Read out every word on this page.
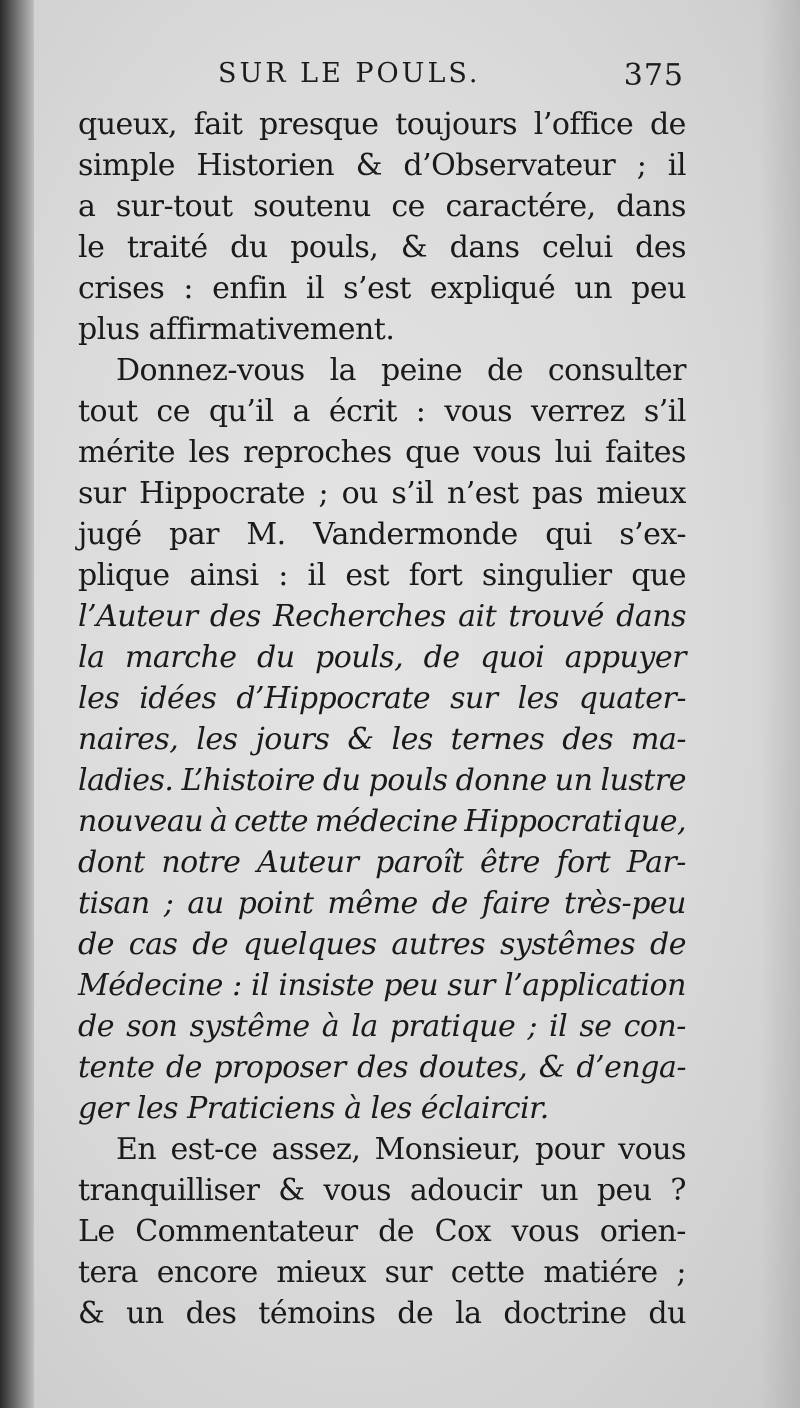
SUR LE POULS.	375
queux, fait presque toujours l’office de
simple Historien & d’Observateur ; il
a sur-tout soutenu ce caractére, dans
le traité du pouls, & dans celui des
crises : enfin il s’est expliqué un peu
plus affirmativement.
Donnez-vous la peine de consulter
tout ce qu’il a écrit : vous verrez s’il
mérite les reproches que vous lui faites
sur Hippocrate ; ou s’il n’est pas mieux
jugé par M. Vandermonde qui s’ex-
plique ainsi : il est fort singulier que
l’Auteur des Recherches ait trouvé dans
la marche du pouls, de quoi appuyer
les idées d’Hippocrate sur les quater-
naires, les jours & les ternes des ma-
ladies. L’histoire du pouls donne un lustre
nouveau à cette médecine Hippocratique,
dont notre Auteur paroît être fort Par-
tisan ; au point même de faire très-peu
de cas de quelques autres systêmes de
Médecine : il insiste peu sur l’application
de son systême à la pratique ; il se con-
tente de proposer des doutes, & d’enga-
ger les Praticiens à les éclaircir.
En est-ce assez, Monsieur, pour vous
tranquilliser & vous adoucir un peu ?
Le Commentateur de Cox vous orien-
tera encore mieux sur cette matiére ;
& un des témoins de la doctrine du
